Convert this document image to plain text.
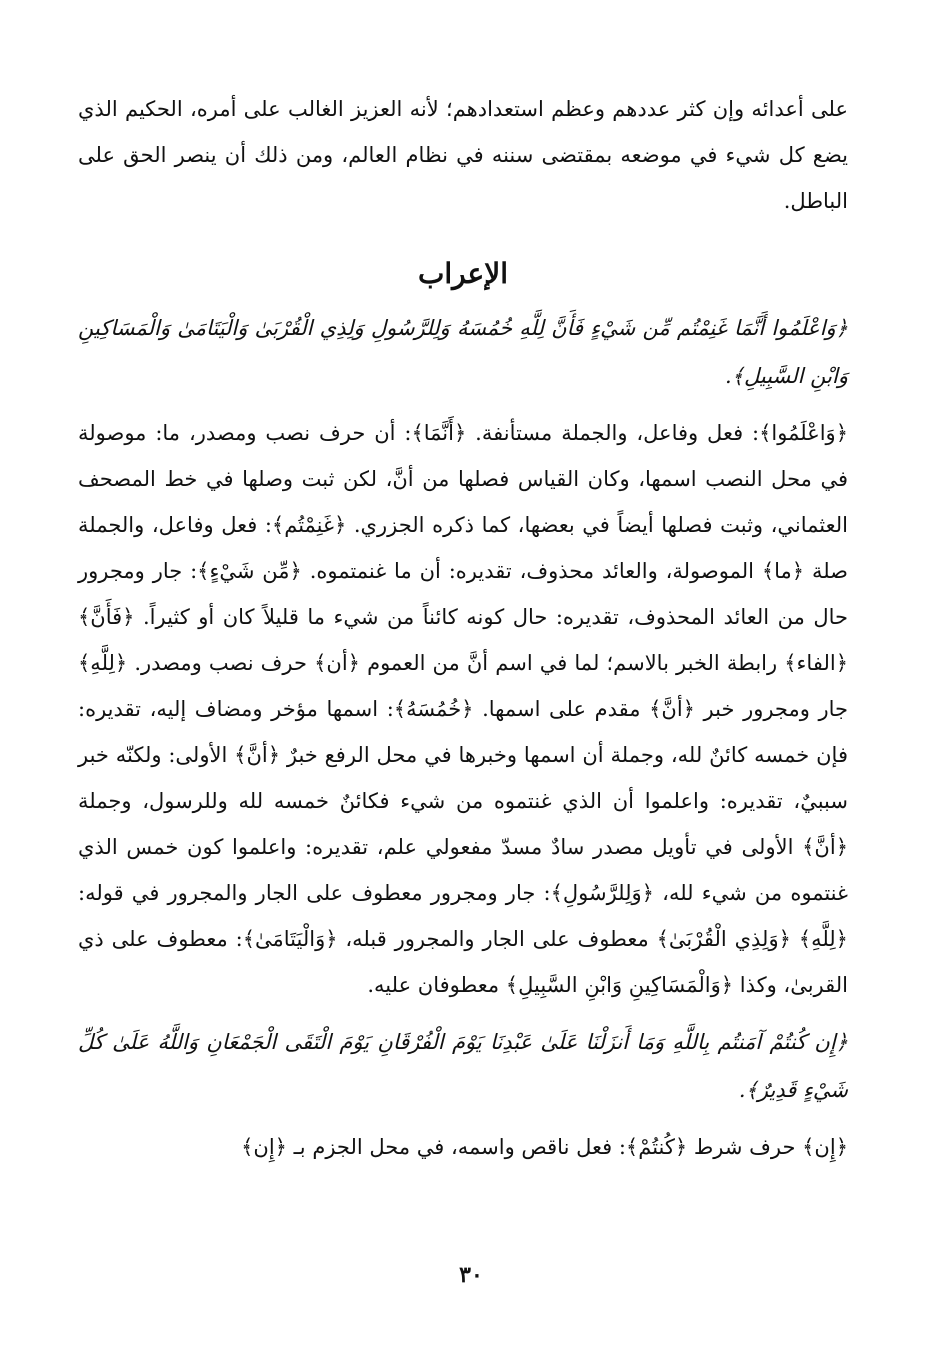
على أعدائه وإن كثر عددهم وعظم استعدادهم؛ لأنه العزيز الغالب على أمره، الحكيم الذي يضع كل شيء في موضعه بمقتضى سننه في نظام العالم، ومن ذلك أن ينصر الحق على الباطل.

الإعراب

﴿وَاعْلَمُوا أَنَّمَا غَنِمْتُم مِّن شَيْءٍ فَأَنَّ لِلَّهِ خُمُسَهُ وَلِلرَّسُولِ وَلِذِي الْقُرْبَىٰ وَالْيَتَامَىٰ وَالْمَسَاكِينِ وَابْنِ السَّبِيلِ﴾.

﴿وَاعْلَمُوا﴾: فعل وفاعل، والجملة مستأنفة. ﴿أَنَّمَا﴾: أن حرف نصب ومصدر، ما: موصولة في محل النصب اسمها، وكان القياس فصلها من أنَّ، لكن ثبت وصلها في خط المصحف العثماني، وثبت فصلها أيضاً في بعضها، كما ذكره الجزري. ﴿غَنِمْتُم﴾: فعل وفاعل، والجملة صلة ﴿ما﴾ الموصولة، والعائد محذوف، تقديره: أن ما غنمتموه. ﴿مِّن شَيْءٍ﴾: جار ومجرور حال من العائد المحذوف، تقديره: حال كونه كائناً من شيء ما قليلاً كان أو كثيراً. ﴿فَأَنَّ﴾ ﴿الفاء﴾ رابطة الخبر بالاسم؛ لما في اسم أنَّ من العموم ﴿أن﴾ حرف نصب ومصدر. ﴿لِلَّهِ﴾ جار ومجرور خبر ﴿أنَّ﴾ مقدم على اسمها. ﴿خُمُسَهُ﴾: اسمها مؤخر ومضاف إليه، تقديره: فإن خمسه كائنٌ لله، وجملة أن اسمها وخبرها في محل الرفع خبرٌ ﴿أنَّ﴾ الأولى: ولكنّه خبر سببيٌ، تقديره: واعلموا أن الذي غنتموه من شيء فكائنٌ خمسه لله وللرسول، وجملة ﴿أنَّ﴾ الأولى في تأويل مصدر سادٌ مسدّ مفعولي علم، تقديره: واعلموا كون خمس الذي غنتموه من شيء لله، ﴿وَلِلرَّسُولِ﴾: جار ومجرور معطوف على الجار والمجرور في قوله: ﴿لِلَّهِ﴾ ﴿وَلِذِي الْقُرْبَىٰ﴾ معطوف على الجار والمجرور قبله، ﴿وَالْيَتَامَىٰ﴾: معطوف على ذي القربىٰ، وكذا ﴿وَالْمَسَاكِينِ وَابْنِ السَّبِيلِ﴾ معطوفان عليه.

﴿إِن كُنتُمْ آمَنتُم بِاللَّهِ وَمَا أَنزَلْنَا عَلَىٰ عَبْدِنَا يَوْمَ الْفُرْقَانِ يَوْمَ الْتَقَى الْجَمْعَانِ وَاللَّهُ عَلَىٰ كُلِّ شَيْءٍ قَدِيرٌ﴾.

﴿إِن﴾ حرف شرط ﴿كُنتُمْ﴾: فعل ناقص واسمه، في محل الجزم بـ ﴿إِن﴾

٣٠
